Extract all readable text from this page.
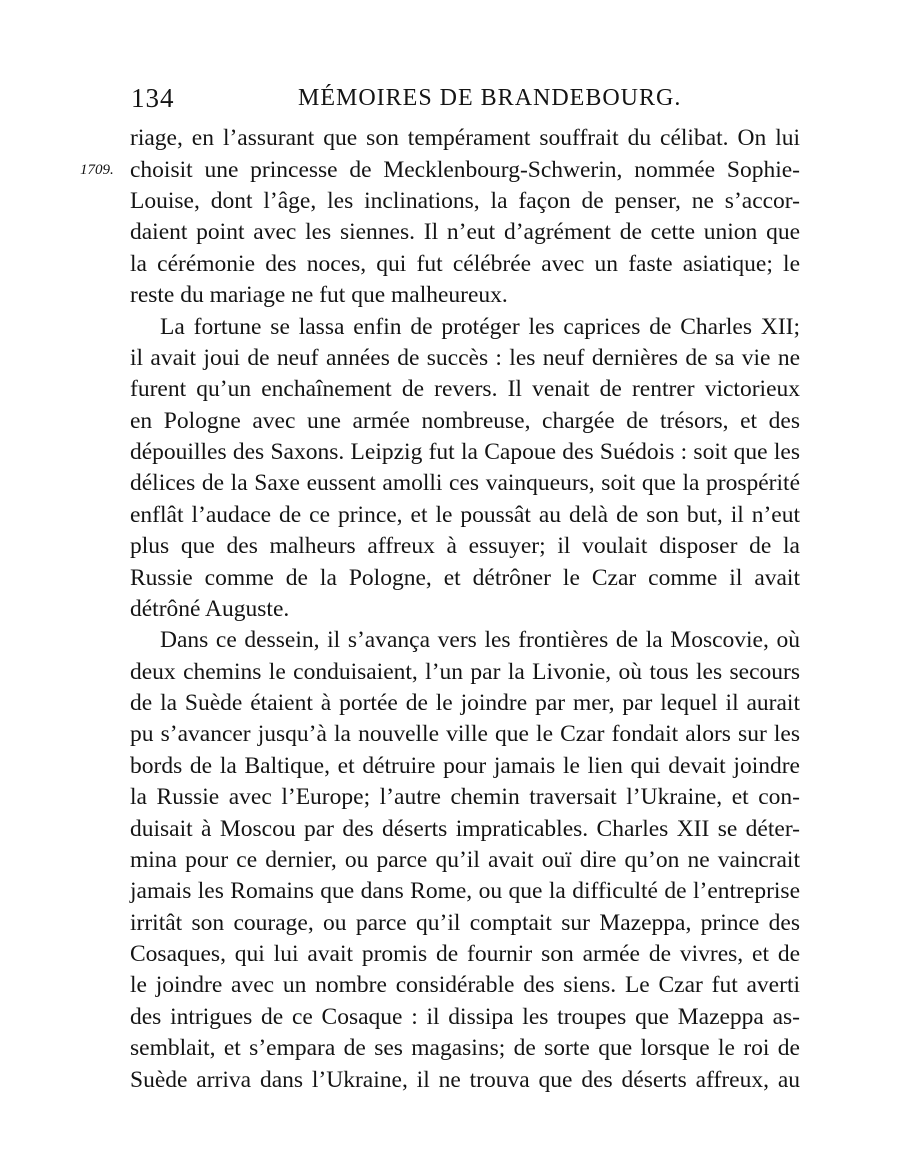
134	MÉMOIRES DE BRANDEBOURG.
1709.
riage, en l’assurant que son tempérament souffrait du célibat. On lui
choisit une princesse de Mecklenbourg-Schwerin, nommée Sophie-
Louise, dont l’âge, les inclinations, la façon de penser, ne s’accor-
daient point avec les siennes. Il n’eut d’agrément de cette union que
la cérémonie des noces, qui fut célébrée avec un faste asiatique; le
reste du mariage ne fut que malheureux.
La fortune se lassa enfin de protéger les caprices de Charles XII;
il avait joui de neuf années de succès : les neuf dernières de sa vie ne
furent qu’un enchaînement de revers. Il venait de rentrer victorieux
en Pologne avec une armée nombreuse, chargée de trésors, et des
dépouilles des Saxons. Leipzig fut la Capoue des Suédois : soit que les
délices de la Saxe eussent amolli ces vainqueurs, soit que la prospérité
enflât l’audace de ce prince, et le poussât au delà de son but, il n’eut
plus que des malheurs affreux à essuyer; il voulait disposer de la
Russie comme de la Pologne, et détrôner le Czar comme il avait
détrôné Auguste.
Dans ce dessein, il s’avança vers les frontières de la Moscovie, où
deux chemins le conduisaient, l’un par la Livonie, où tous les secours
de la Suède étaient à portée de le joindre par mer, par lequel il aurait
pu s’avancer jusqu’à la nouvelle ville que le Czar fondait alors sur les
bords de la Baltique, et détruire pour jamais le lien qui devait joindre
la Russie avec l’Europe; l’autre chemin traversait l’Ukraine, et con-
duisait à Moscou par des déserts impraticables. Charles XII se déter-
mina pour ce dernier, ou parce qu’il avait ouï dire qu’on ne vaincrait
jamais les Romains que dans Rome, ou que la difficulté de l’entreprise
irritât son courage, ou parce qu’il comptait sur Mazeppa, prince des
Cosaques, qui lui avait promis de fournir son armée de vivres, et de
le joindre avec un nombre considérable des siens. Le Czar fut averti
des intrigues de ce Cosaque : il dissipa les troupes que Mazeppa as-
semblait, et s’empara de ses magasins; de sorte que lorsque le roi de
Suède arriva dans l’Ukraine, il ne trouva que des déserts affreux, au
